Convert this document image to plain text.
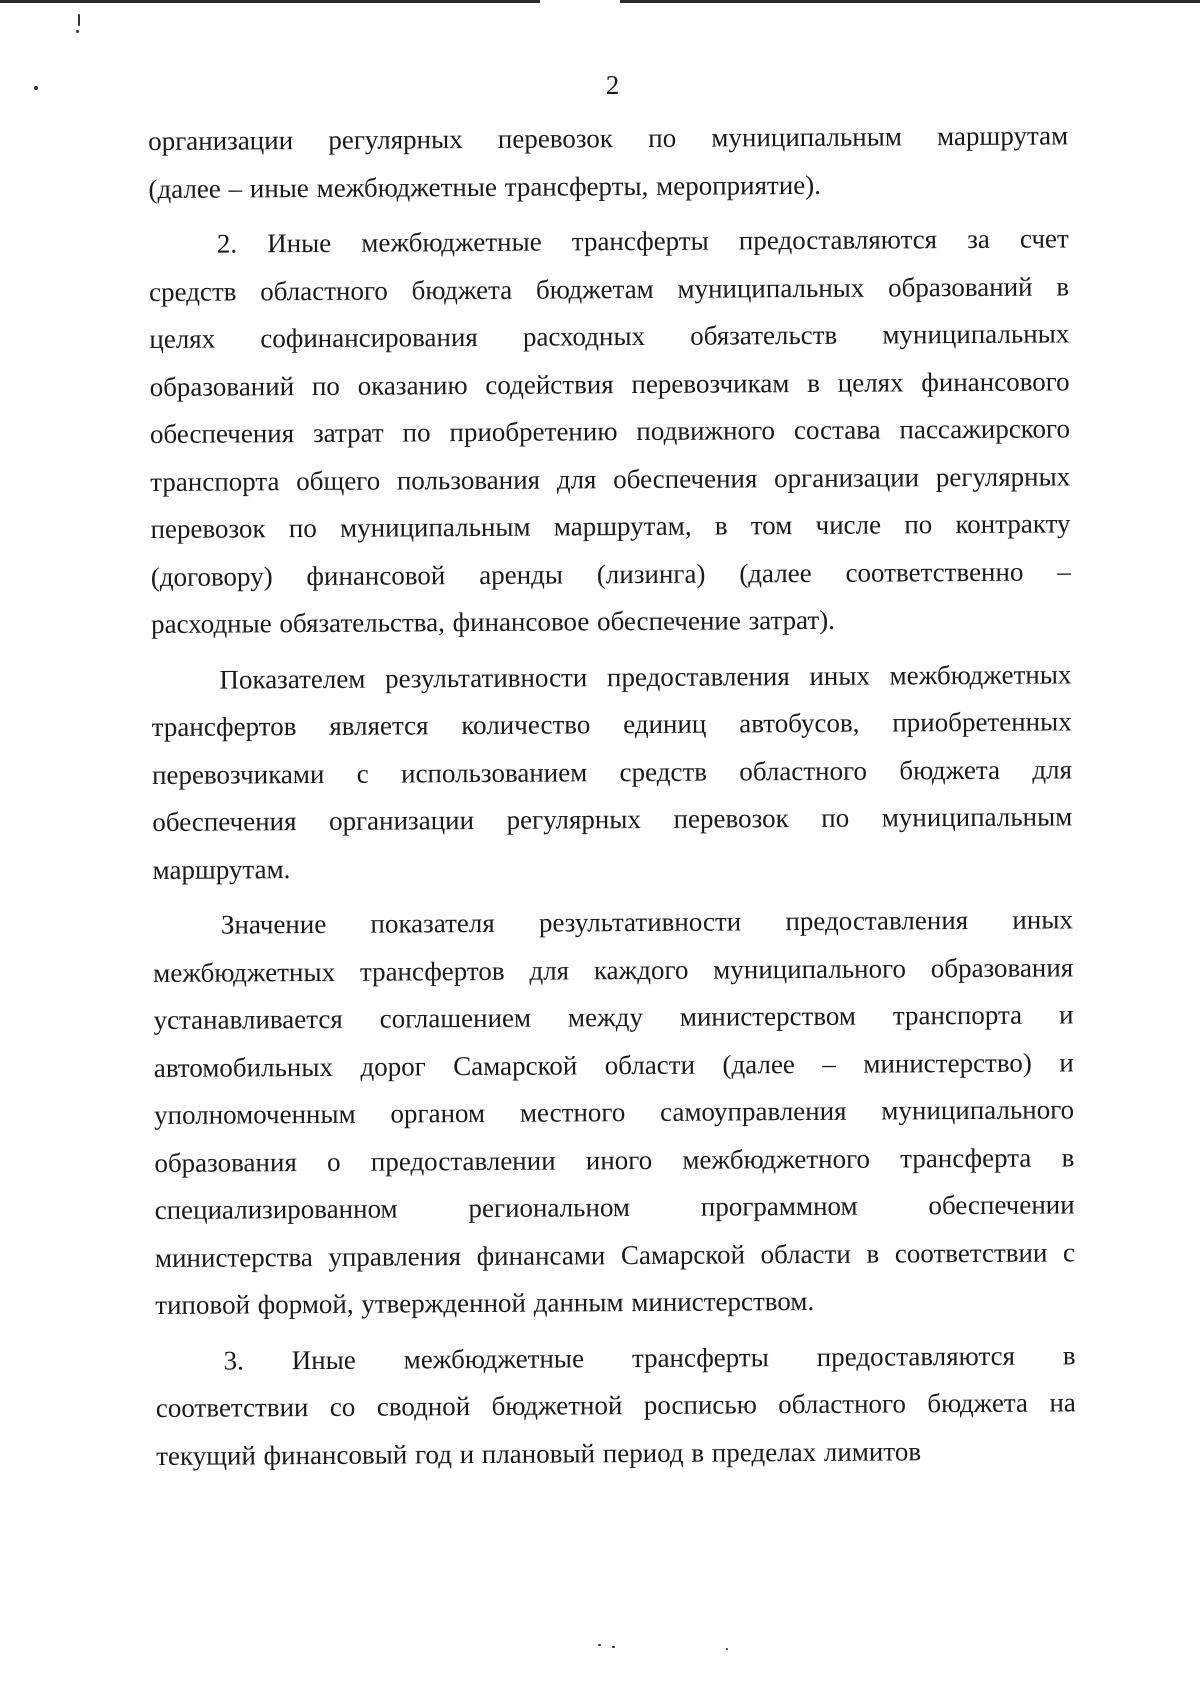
2
организации регулярных перевозок по муниципальным маршрутам
(далее – иные межбюджетные трансферты, мероприятие).
2. Иные межбюджетные трансферты предоставляются за счет
средств областного бюджета бюджетам муниципальных образований в
целях софинансирования расходных обязательств муниципальных
образований по оказанию содействия перевозчикам в целях финансового
обеспечения затрат по приобретению подвижного состава пассажирского
транспорта общего пользования для обеспечения организации регулярных
перевозок по муниципальным маршрутам, в том числе по контракту
(договору) финансовой аренды (лизинга) (далее соответственно –
расходные обязательства, финансовое обеспечение затрат).
Показателем результативности предоставления иных межбюджетных
трансфертов является количество единиц автобусов, приобретенных
перевозчиками с использованием средств областного бюджета для
обеспечения организации регулярных перевозок по муниципальным
маршрутам.
Значение показателя результативности предоставления иных
межбюджетных трансфертов для каждого муниципального образования
устанавливается соглашением между министерством транспорта и
автомобильных дорог Самарской области (далее – министерство) и
уполномоченным органом местного самоуправления муниципального
образования о предоставлении иного межбюджетного трансферта в
специализированном региональном программном обеспечении
министерства управления финансами Самарской области в соответствии с
типовой формой, утвержденной данным министерством.
3. Иные межбюджетные трансферты предоставляются в
соответствии со сводной бюджетной росписью областного бюджета на
текущий финансовый год и плановый период в пределах лимитов
